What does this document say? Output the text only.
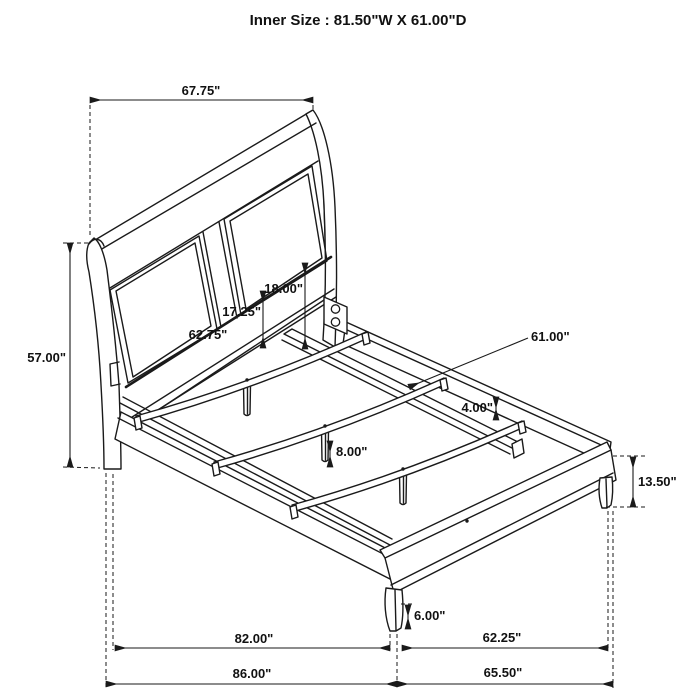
Inner Size : 81.50"W X 61.00"D
67.75"
57.00"
18.00"
17.25"
62.75"	61.00"
4.00"
8.00"
13.50"
6.00"
82.00"	62.25"
86.00"	65.50"
